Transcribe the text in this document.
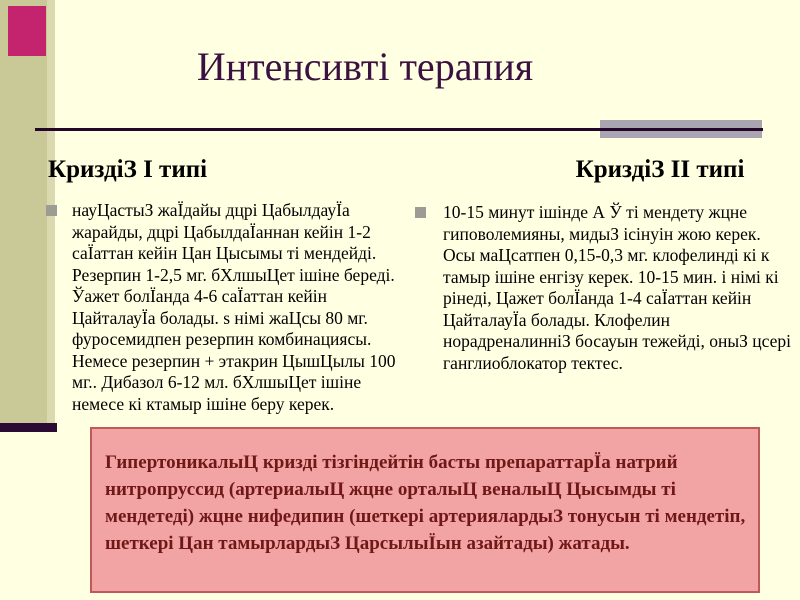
Интенсивті терапия
КриздіЗ І типі	КриздіЗ ІІ типі
науЦастыЗ жаЇдайы дцрі ЦабылдауЇа жарайды, дцрі ЦабылдаЇаннан кейін 1-2 саЇаттан кейін Цан Цысымы ті мендейді. Резерпин 1-2,5 мг. бХлшыЦет ішіне береді. Ўажет болЇанда 4-6 саЇаттан кейін ЦайталауЇа болады. s німі жаЦсы 80 мг. фуросемидпен резерпин комбинациясы. Немесе резерпин + этакрин ЦышЦылы 100 мг.. Дибазол 6-12 мл. бХлшыЦет ішіне немесе кі ктамыр ішіне беру керек.
10-15 минут ішінде А Ў ті мендету жцне гиповолемияны, мидыЗ ісінуін жою керек. Осы маЦсатпен 0,15-0,3 мг. клофелинді кі к тамыр ішіне енгізу керек. 10-15 мин. і німі кі рінеді, Цажет болЇанда 1-4 саЇаттан кейін ЦайталауЇа болады. Клофелин норадреналинніЗ босауын тежейді, оныЗ цсері ганглиоблокатор тектес.
ГипертоникалыЦ кризді тізгіндейтін басты препараттарЇа натрий нитропруссид (артериалыЦ жцне орталыЦ веналыЦ Цысымды ті мендетеді) жцне нифедипин (шеткері артериялардыЗ тонусын ті мендетіп, шеткері Цан тамырлардыЗ ЦарсылыЇын азайтады) жатады.
